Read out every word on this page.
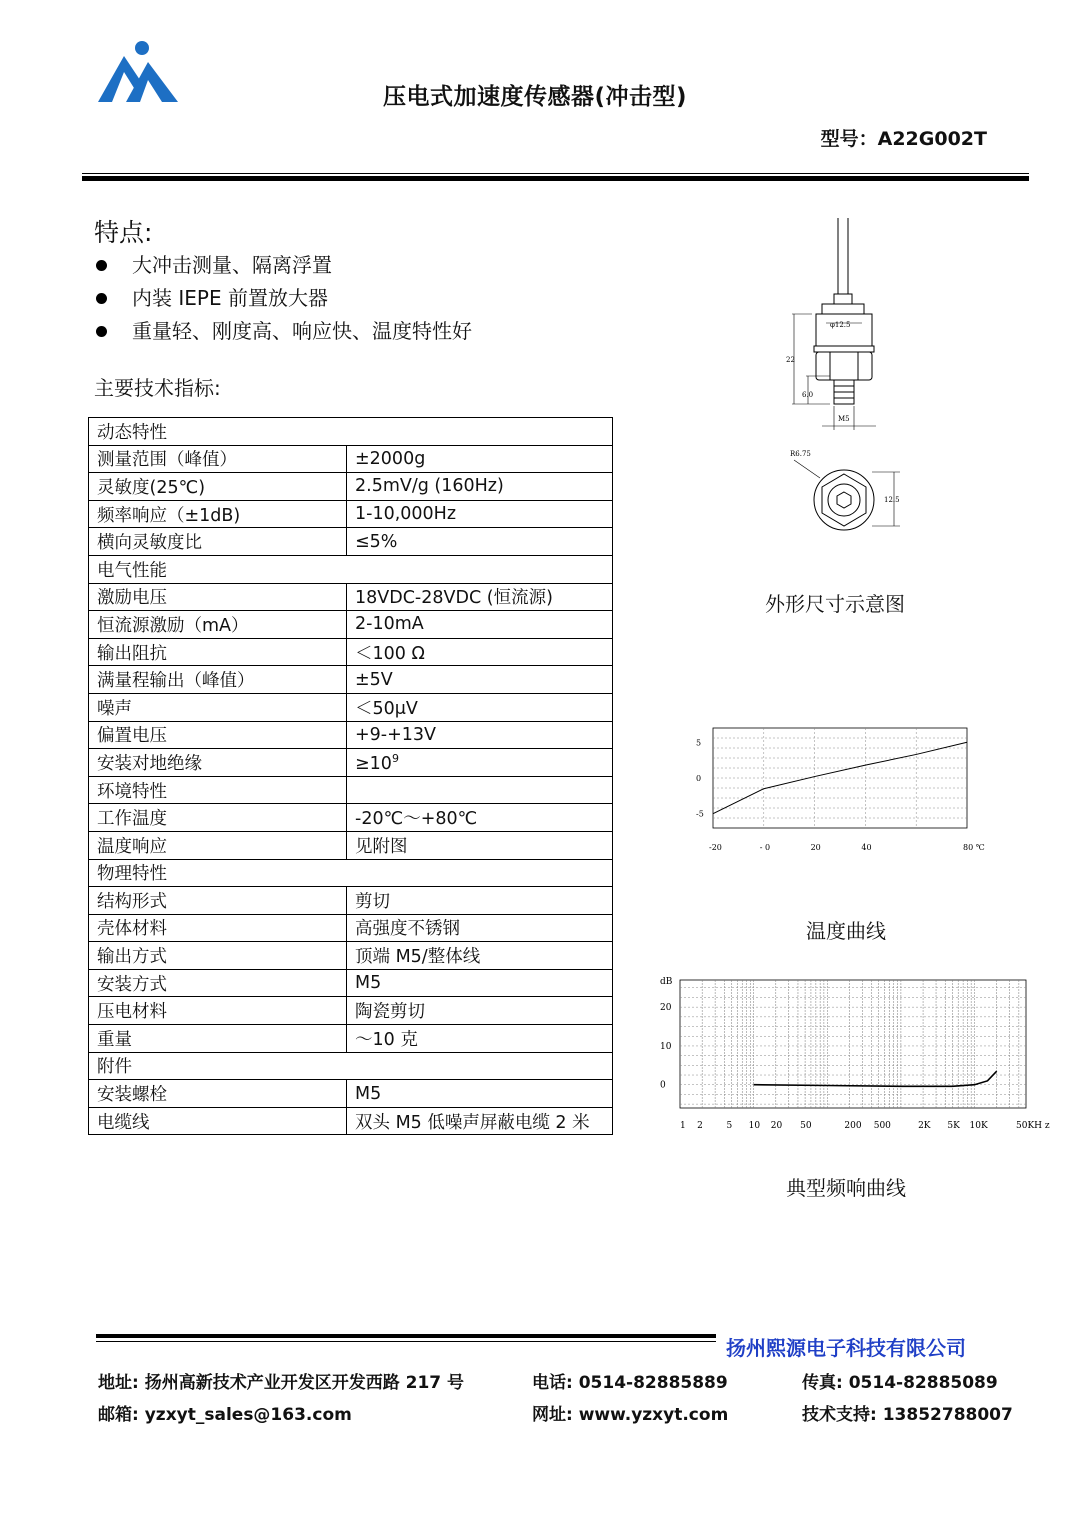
压电式加速度传感器(冲击型)
型号：A22G002T
特点:
大冲击测量、隔离浮置
内装 IEPE 前置放大器
重量轻、刚度高、响应快、温度特性好
主要技术指标:
动态特性	
测量范围（峰值）	±2000g
灵敏度(25℃)	2.5mV/g (160Hz)
频率响应（±1dB)	1-10,000Hz
横向灵敏度比	≤5%
电气性能	
激励电压	18VDC-28VDC (恒流源)
恒流源激励（mA）	2-10mA
输出阻抗	＜100 Ω
满量程输出（峰值）	±5V
噪声	＜50μV
偏置电压	+9-+13V
安装对地绝缘	$\ge 10^9$
环境特性	
工作温度	-20℃～+80℃
温度响应	见附图
物理特性	
结构形式	剪切
壳体材料	高强度不锈钢
输出方式	顶端 M5/整体线
安装方式	M5
压电材料	陶瓷剪切
重量	～10 克
附件	
安装螺栓	M5
电缆线	双头 M5 低噪声屏蔽电缆 2 米
φ12.5
22
6.0
M5
R6.75
12.5
外形尺寸示意图
5
0
-5
-20	- 0	20	40	80 ℃
温度曲线
dB
20
10
0
1 2	5 10 20 50	200 500	2K 5K 10K	50KH z
典型频响曲线
扬州熙源电子科技有限公司
地址: 扬州高新技术产业开发区开发西路 217 号	电话: 0514-82885889	传真: 0514-82885089
邮箱: yzxyt_sales@163.com	网址: www.yzxyt.com	技术支持: 13852788007
